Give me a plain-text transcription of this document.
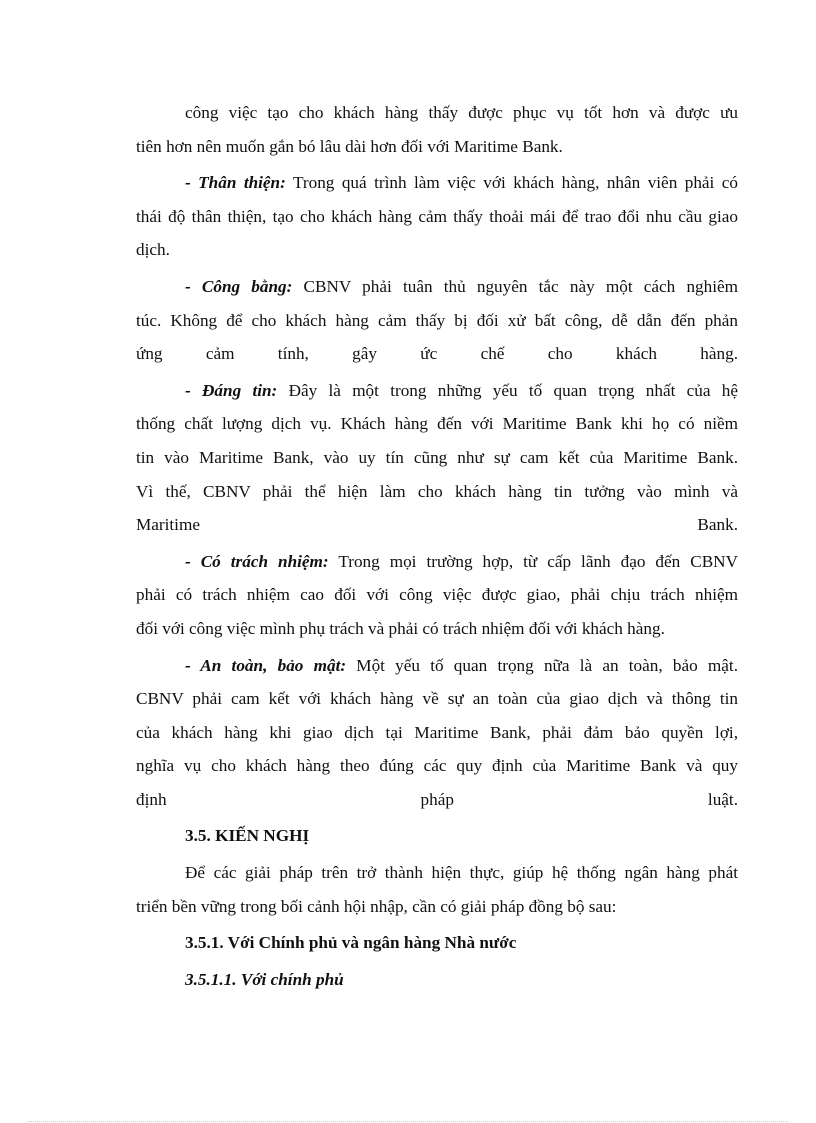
công việc tạo cho khách hàng thấy được phục vụ tốt hơn và được ưu
tiên hơn nên muốn gắn bó lâu dài hơn đối với Maritime Bank.
- Thân thiện: Trong quá trình làm việc với khách hàng, nhân viên phải có
thái độ thân thiện, tạo cho khách hàng cảm thấy thoải mái để trao đổi nhu cầu giao
dịch.
- Công bằng: CBNV phải tuân thủ nguyên tắc này một cách nghiêm
túc. Không để cho khách hàng cảm thấy bị đối xử bất công, dễ dẫn đến phản
ứng cảm tính, gây ức chế cho khách hàng.
- Đáng tin: Đây là một trong những yếu tố quan trọng nhất của hệ
thống chất lượng dịch vụ. Khách hàng đến với Maritime Bank khi họ có niềm
tin vào Maritime Bank, vào uy tín cũng như sự cam kết của Maritime Bank.
Vì thế, CBNV phải thể hiện làm cho khách hàng tin tưởng vào mình và
Maritime Bank.
- Có trách nhiệm: Trong mọi trường hợp, từ cấp lãnh đạo đến CBNV
phải có trách nhiệm cao đối với công việc được giao, phải chịu trách nhiệm
đối với công việc mình phụ trách và phải có trách nhiệm đối với khách hàng.
- An toàn, bảo mật: Một yếu tố quan trọng nữa là an toàn, bảo mật.
CBNV phải cam kết với khách hàng về sự an toàn của giao dịch và thông tin
của khách hàng khi giao dịch tại Maritime Bank, phải đảm bảo quyền lợi,
nghĩa vụ cho khách hàng theo đúng các quy định của Maritime Bank và quy
định pháp luật.
3.5. KIẾN NGHỊ
Để các giải pháp trên trở thành hiện thực, giúp hệ thống ngân hàng phát
triển bền vững trong bối cảnh hội nhập, cần có giải pháp đồng bộ sau:
3.5.1. Với Chính phủ và ngân hàng Nhà nước
3.5.1.1. Với chính phủ
